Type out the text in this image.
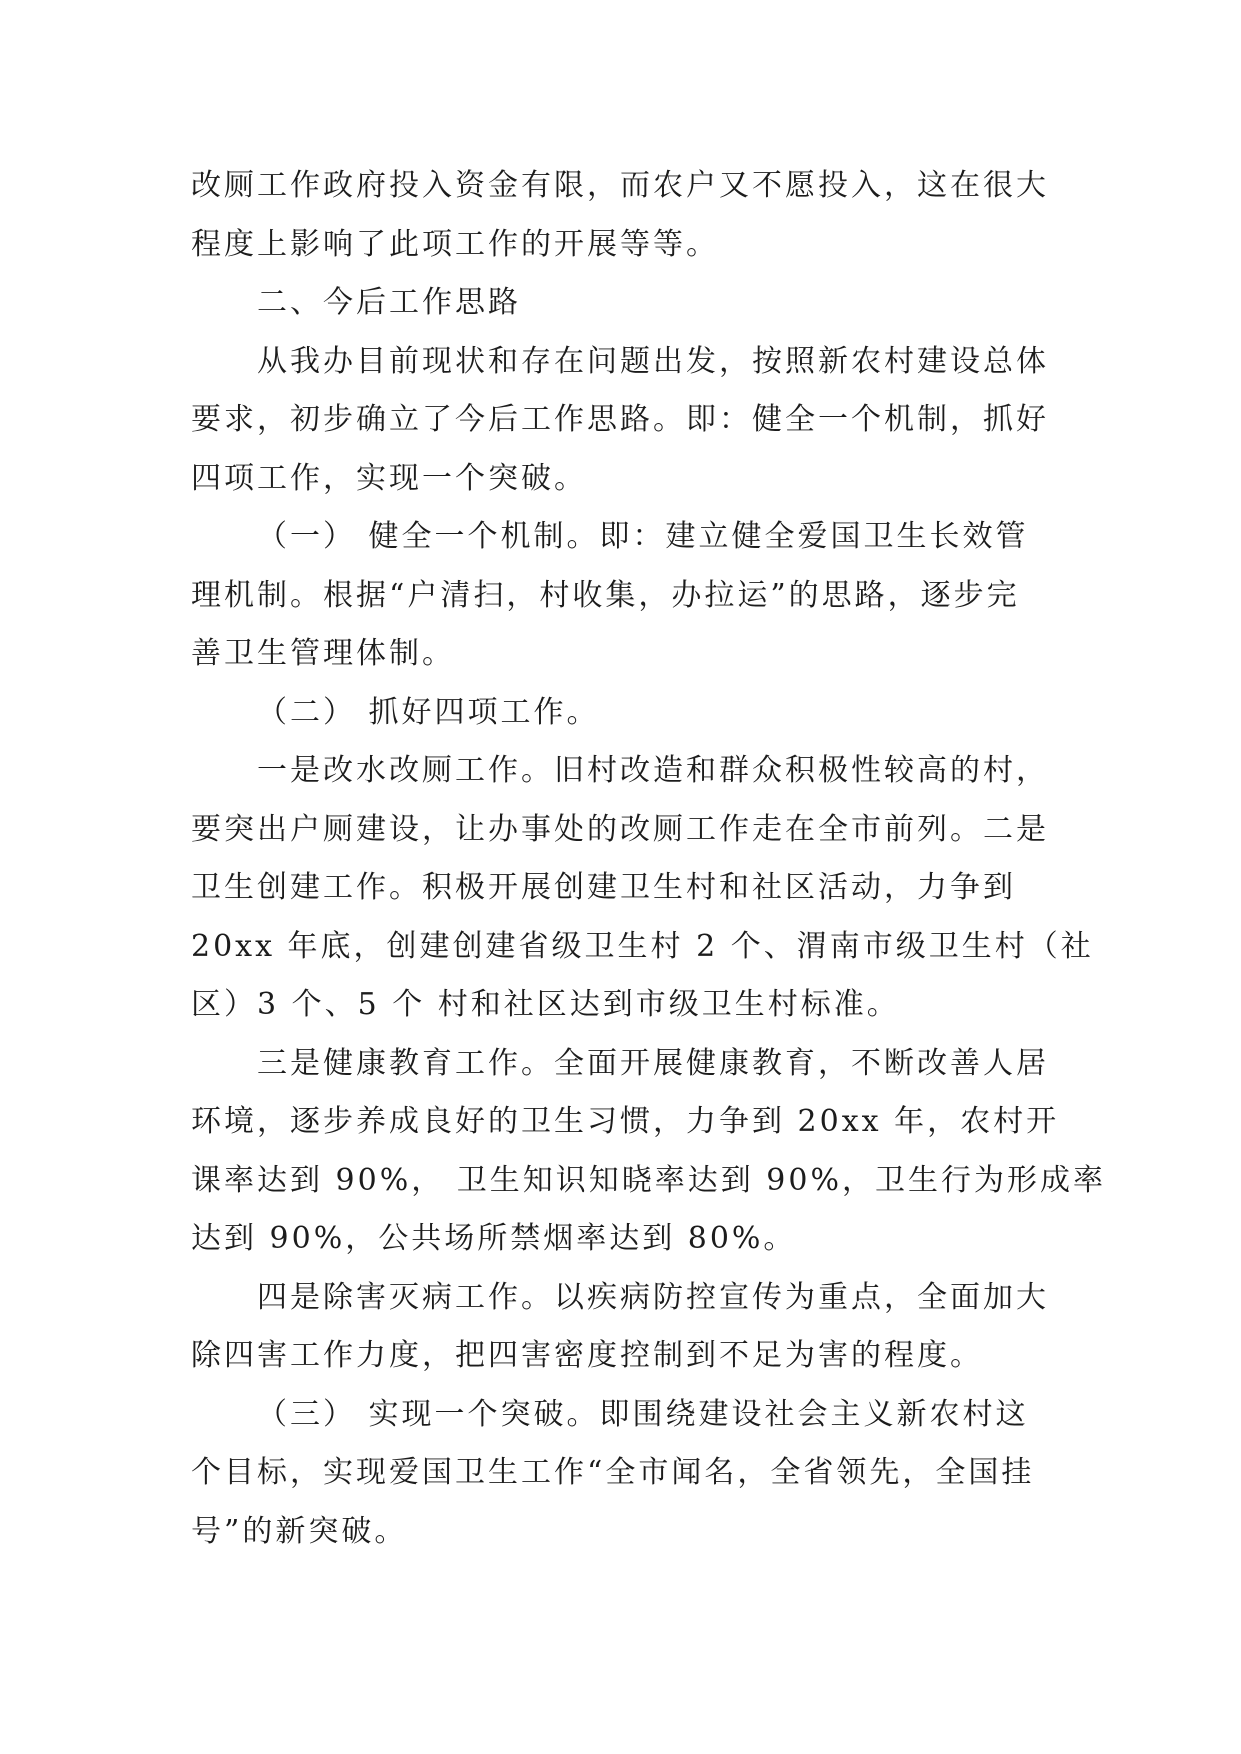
改厕工作政府投入资金有限，而农户又不愿投入，这在很大
程度上影响了此项工作的开展等等。
二、今后工作思路
从我办目前现状和存在问题出发，按照新农村建设总体
要求，初步确立了今后工作思路。即：健全一个机制，抓好
四项工作，实现一个突破。
（一） 健全一个机制。即：建立健全爱国卫生长效管
理机制。根据“户清扫，村收集，办拉运”的思路，逐步完
善卫生管理体制。
（二） 抓好四项工作。
一是改水改厕工作。旧村改造和群众积极性较高的村，
要突出户厕建设，让办事处的改厕工作走在全市前列。二是
卫生创建工作。积极开展创建卫生村和社区活动，力争到
20xx 年底，创建创建省级卫生村 2 个、渭南市级卫生村（社
区）3 个、5 个 村和社区达到市级卫生村标准。
三是健康教育工作。全面开展健康教育，不断改善人居
环境，逐步养成良好的卫生习惯，力争到 20xx 年，农村开
课率达到 90%， 卫生知识知晓率达到 90%，卫生行为形成率
达到 90%，公共场所禁烟率达到 80%。
四是除害灭病工作。以疾病防控宣传为重点，全面加大
除四害工作力度，把四害密度控制到不足为害的程度。
（三） 实现一个突破。即围绕建设社会主义新农村这
个目标，实现爱国卫生工作“全市闻名，全省领先，全国挂
号”的新突破。
